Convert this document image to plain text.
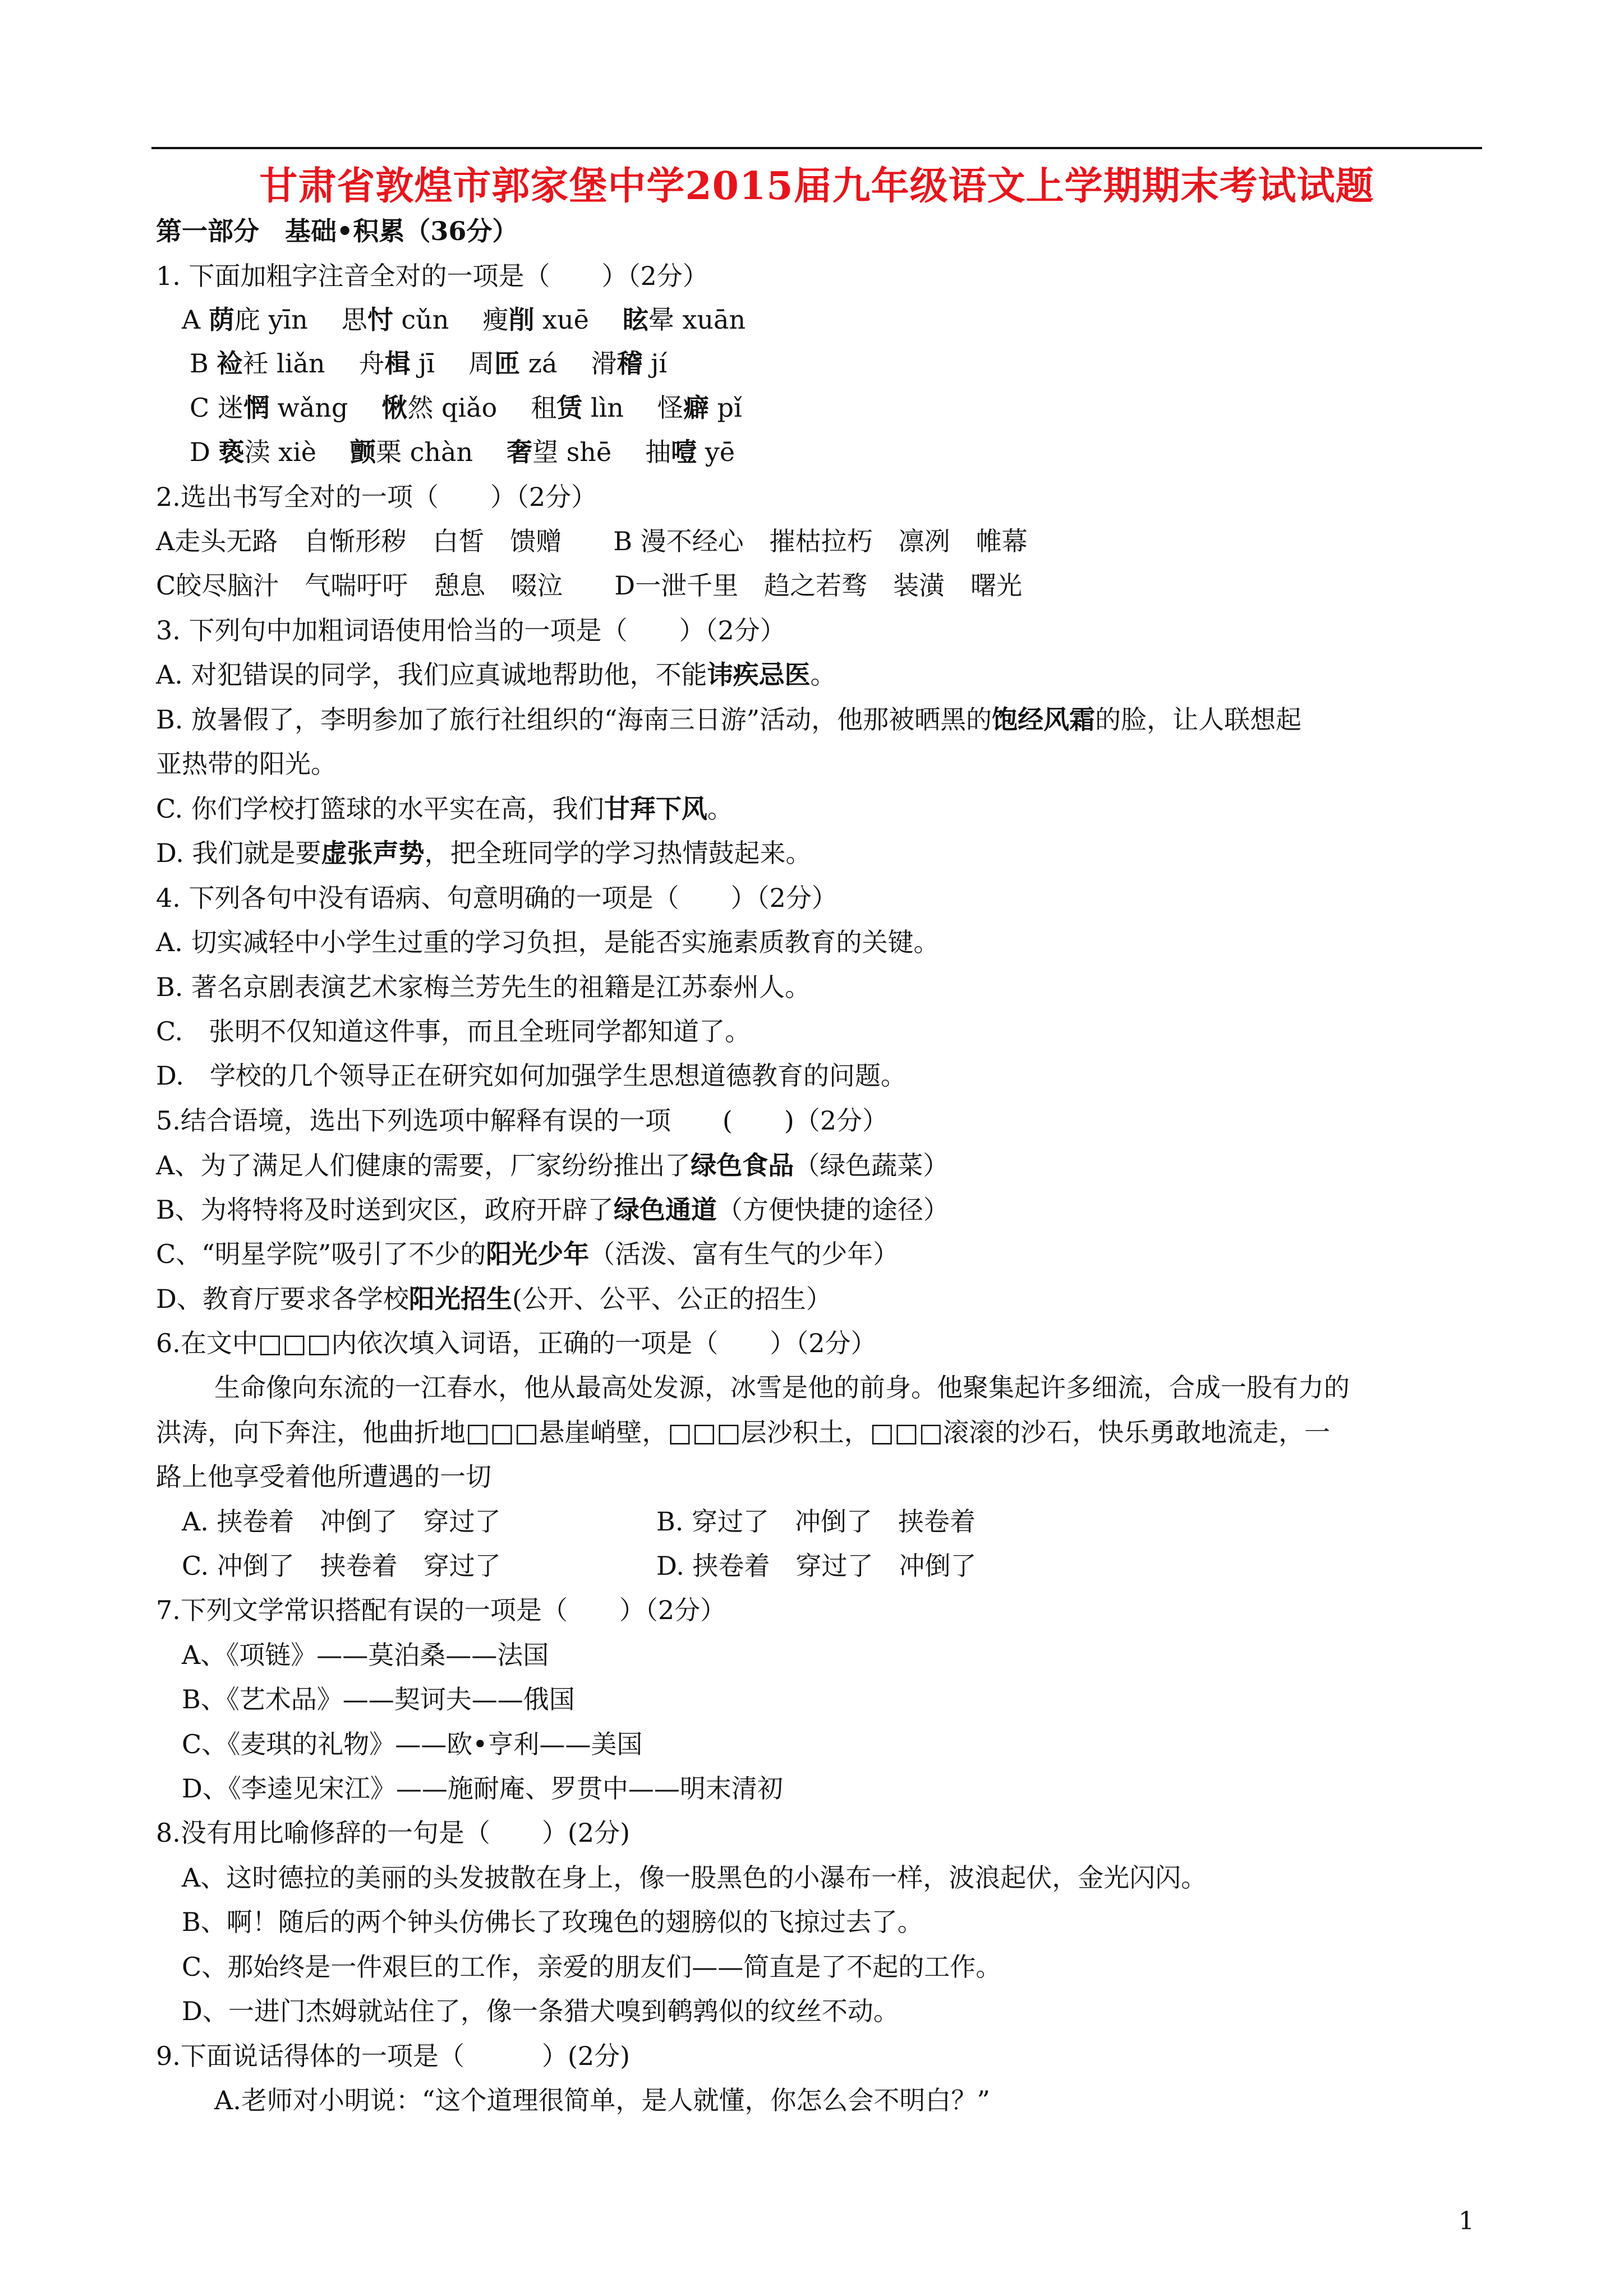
甘肃省敦煌市郭家堡中学2015届九年级语文上学期期末考试试题
第一部分　基础•积累（36分）
1. 下面加粗字注音全对的一项是（　　）（2分）
A 荫庇 yīn 思忖 cǔn 瘦削 xuē 眩晕 xuān
B 裣衽 liǎn 舟楫 jī 周匝 zá 滑稽 jí
C 迷惘 wǎng 愀然 qiǎo 租赁 lìn 怪癖 pǐ
D 亵渎 xiè 颤栗 chàn 奢望 shē 抽噎 yē
2.选出书写全对的一项（　　）（2分）
A走头无路　自惭形秽　白皙　馈赠　　B 漫不经心　摧枯拉朽　凛冽　帷幕
C皎尽脑汁　气喘吁吁　憩息　啜泣　　D一泄千里　趋之若骛　装潢　曙光
3. 下列句中加粗词语使用恰当的一项是（　　）（2分）
A. 对犯错误的同学，我们应真诚地帮助他，不能讳疾忌医。
B. 放暑假了，李明参加了旅行社组织的“海南三日游”活动，他那被晒黑的饱经风霜的脸，让人联想起
亚热带的阳光。
C. 你们学校打篮球的水平实在高，我们甘拜下风。
D. 我们就是要虚张声势，把全班同学的学习热情鼓起来。
4. 下列各句中没有语病、句意明确的一项是（　　）（2分）
A. 切实减轻中小学生过重的学习负担，是能否实施素质教育的关键。
B. 著名京剧表演艺术家梅兰芳先生的祖籍是江苏泰州人。
C.　张明不仅知道这件事，而且全班同学都知道了。
D.　学校的几个领导正在研究如何加强学生思想道德教育的问题。
5.结合语境，选出下列选项中解释有误的一项　　(　　)（2分）
A、为了满足人们健康的需要，厂家纷纷推出了绿色食品（绿色蔬菜）
B、为将特将及时送到灾区，政府开辟了绿色通道（方便快捷的途径）
C、“明星学院”吸引了不少的阳光少年（活泼、富有生气的少年）
D、教育厅要求各学校阳光招生(公开、公平、公正的招生）
6.在文中□□□内依次填入词语，正确的一项是（　　）（2分）
生命像向东流的一江春水，他从最高处发源，冰雪是他的前身。他聚集起许多细流，合成一股有力的
洪涛，向下奔注，他曲折地□□□悬崖峭壁，□□□层沙积土，□□□滚滚的沙石，快乐勇敢地流走，一
路上他享受着他所遭遇的一切
A. 挟卷着　冲倒了　穿过了	B. 穿过了　冲倒了　挟卷着
C. 冲倒了　挟卷着　穿过了	D. 挟卷着　穿过了　冲倒了
7.下列文学常识搭配有误的一项是（　　）（2分）
A、《项链》——莫泊桑——法国
B、《艺术品》——契诃夫——俄国
C、《麦琪的礼物》——欧•亨利——美国
D、《李逵见宋江》——施耐庵、罗贯中——明末清初
8.没有用比喻修辞的一句是（　　）(2分)
A、这时德拉的美丽的头发披散在身上，像一股黑色的小瀑布一样，波浪起伏，金光闪闪。
B、啊！随后的两个钟头仿佛长了玫瑰色的翅膀似的飞掠过去了。
C、那始终是一件艰巨的工作，亲爱的朋友们——简直是了不起的工作。
D、一进门杰姆就站住了，像一条猎犬嗅到鹌鹑似的纹丝不动。
9.下面说话得体的一项是（　　　）(2分)
A.老师对小明说：“这个道理很简单，是人就懂，你怎么会不明白？”
1
